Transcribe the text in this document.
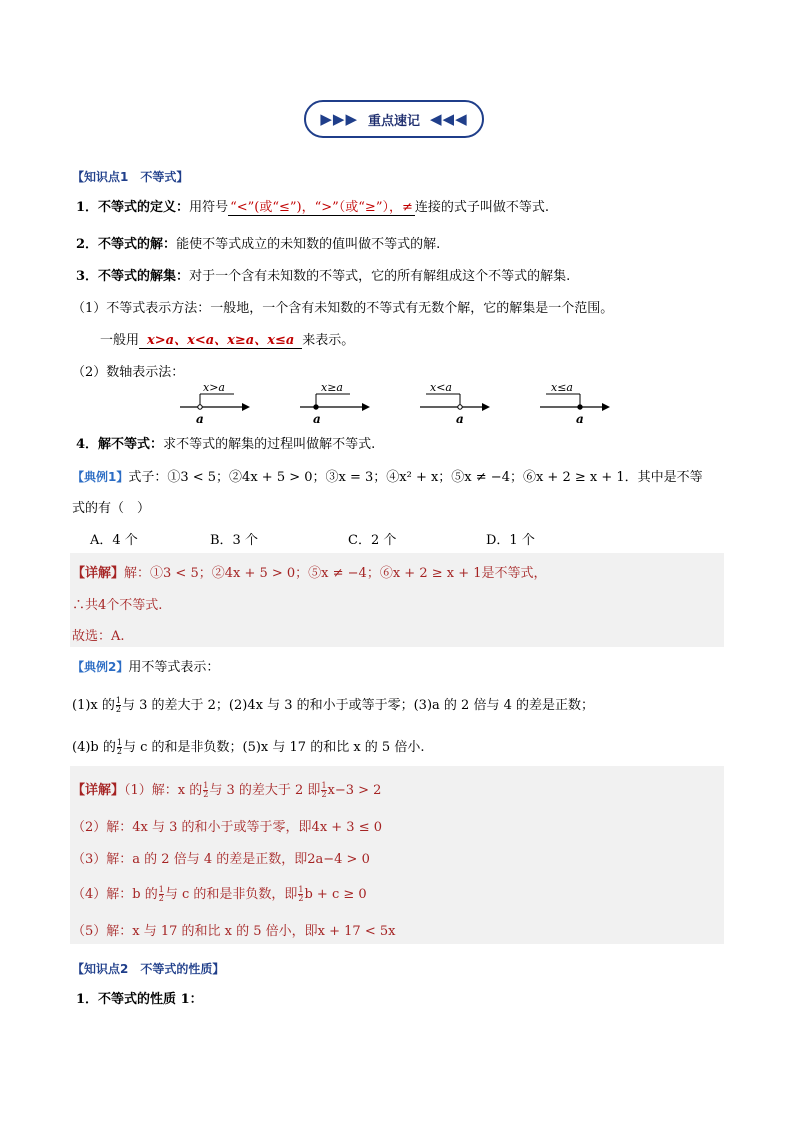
▶▶▶ 重点速记 ◀◀◀
【知识点1　不等式】
1．不等式的定义：用符号 “<”(或“≤”)，“>”（或“≥”），≠ 连接的式子叫做不等式.
2．不等式的解：能使不等式成立的未知数的值叫做不等式的解.
3．不等式的解集：对于一个含有未知数的不等式，它的所有解组成这个不等式的解集.
（1）不等式表示方法：一般地，一个含有未知数的不等式有无数个解，它的解集是一个范围。
一般用 x>a、x<a、x≥a、x≤a 来表示。
（2）数轴表示法：
x>a
a
x≥a
a
x<a
a
x≤a
a
4．解不等式：求不等式的解集的过程叫做解不等式.
【典例1】式子：①3 < 5；②4x + 5 > 0；③x = 3；④x² + x；⑤x ≠ −4；⑥x + 2 ≥ x + 1．其中是不等
式的有（　）
A．4 个	B．3 个	C．2 个	D．1 个
【详解】解：①3 < 5；②4x + 5 > 0；⑤x ≠ −4；⑥x + 2 ≥ x + 1是不等式，
∴共4个不等式.
故选：A.
【典例2】用不等式表示：
(1)x 的 $\frac{1}{2}$ 与 3 的差大于 2；(2)4x 与 3 的和小于或等于零；(3)a 的 2 倍与 4 的差是正数；
(4)b 的 $\frac{1}{2}$ 与 c 的和是非负数；(5)x 与 17 的和比 x 的 5 倍小.
【详解】（1）解：x 的 $\frac{1}{2}$ 与 3 的差大于 2 即 $\frac{1}{2} x-3 > 2$
（2）解：4x 与 3 的和小于或等于零，即4x + 3 ≤ 0
（3）解：a 的 2 倍与 4 的差是正数，即2a−4 > 0
（4）解：b 的 $\frac{1}{2}$ 与 c 的和是非负数，即 $\frac{1}{2}$ b + c ≥ 0
（5）解：x 与 17 的和比 x 的 5 倍小，即x + 17 < 5x
【知识点2　不等式的性质】
1．不等式的性质 1：
